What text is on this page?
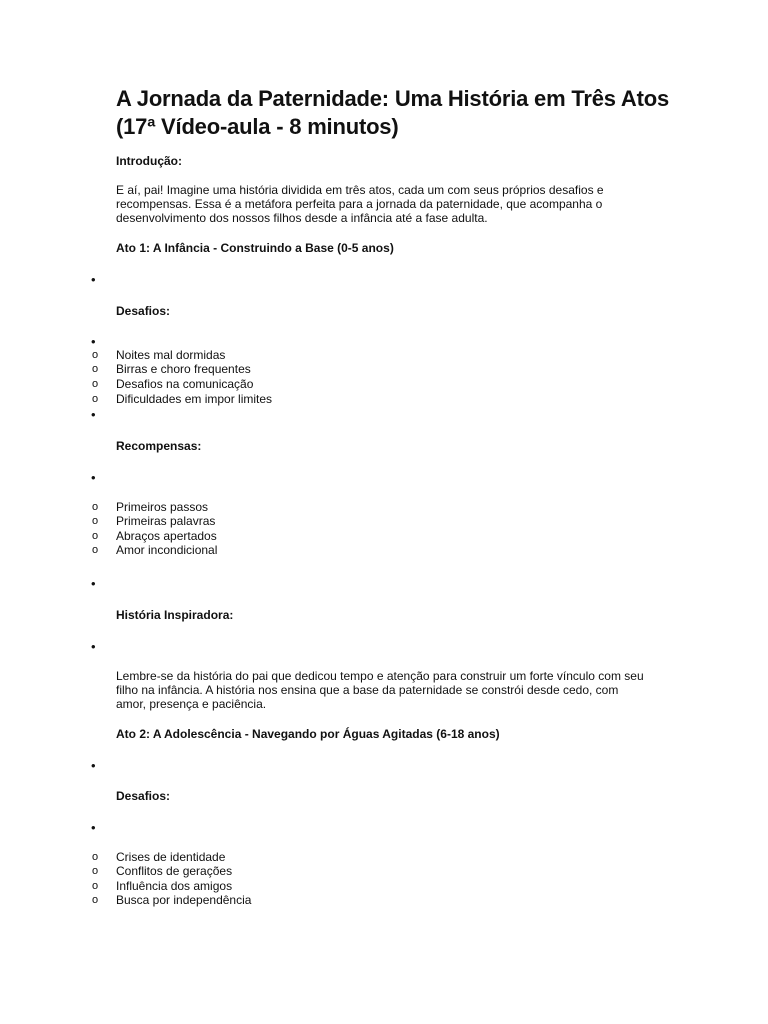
A Jornada da Paternidade: Uma História em Três Atos (17ª Vídeo-aula - 8 minutos)
Introdução:
E aí, pai! Imagine uma história dividida em três atos, cada um com seus próprios desafios e recompensas. Essa é a metáfora perfeita para a jornada da paternidade, que acompanha o desenvolvimento dos nossos filhos desde a infância até a fase adulta.
Ato 1: A Infância - Construindo a Base (0-5 anos)
•
Desafios:
•
o Noites mal dormidas
o Birras e choro frequentes
o Desafios na comunicação
o Dificuldades em impor limites
•
Recompensas:
•
o Primeiros passos
o Primeiras palavras
o Abraços apertados
o Amor incondicional
•
História Inspiradora:
•
Lembre-se da história do pai que dedicou tempo e atenção para construir um forte vínculo com seu filho na infância. A história nos ensina que a base da paternidade se constrói desde cedo, com amor, presença e paciência.
Ato 2: A Adolescência - Navegando por Águas Agitadas (6-18 anos)
•
Desafios:
•
o Crises de identidade
o Conflitos de gerações
o Influência dos amigos
o Busca por independência
